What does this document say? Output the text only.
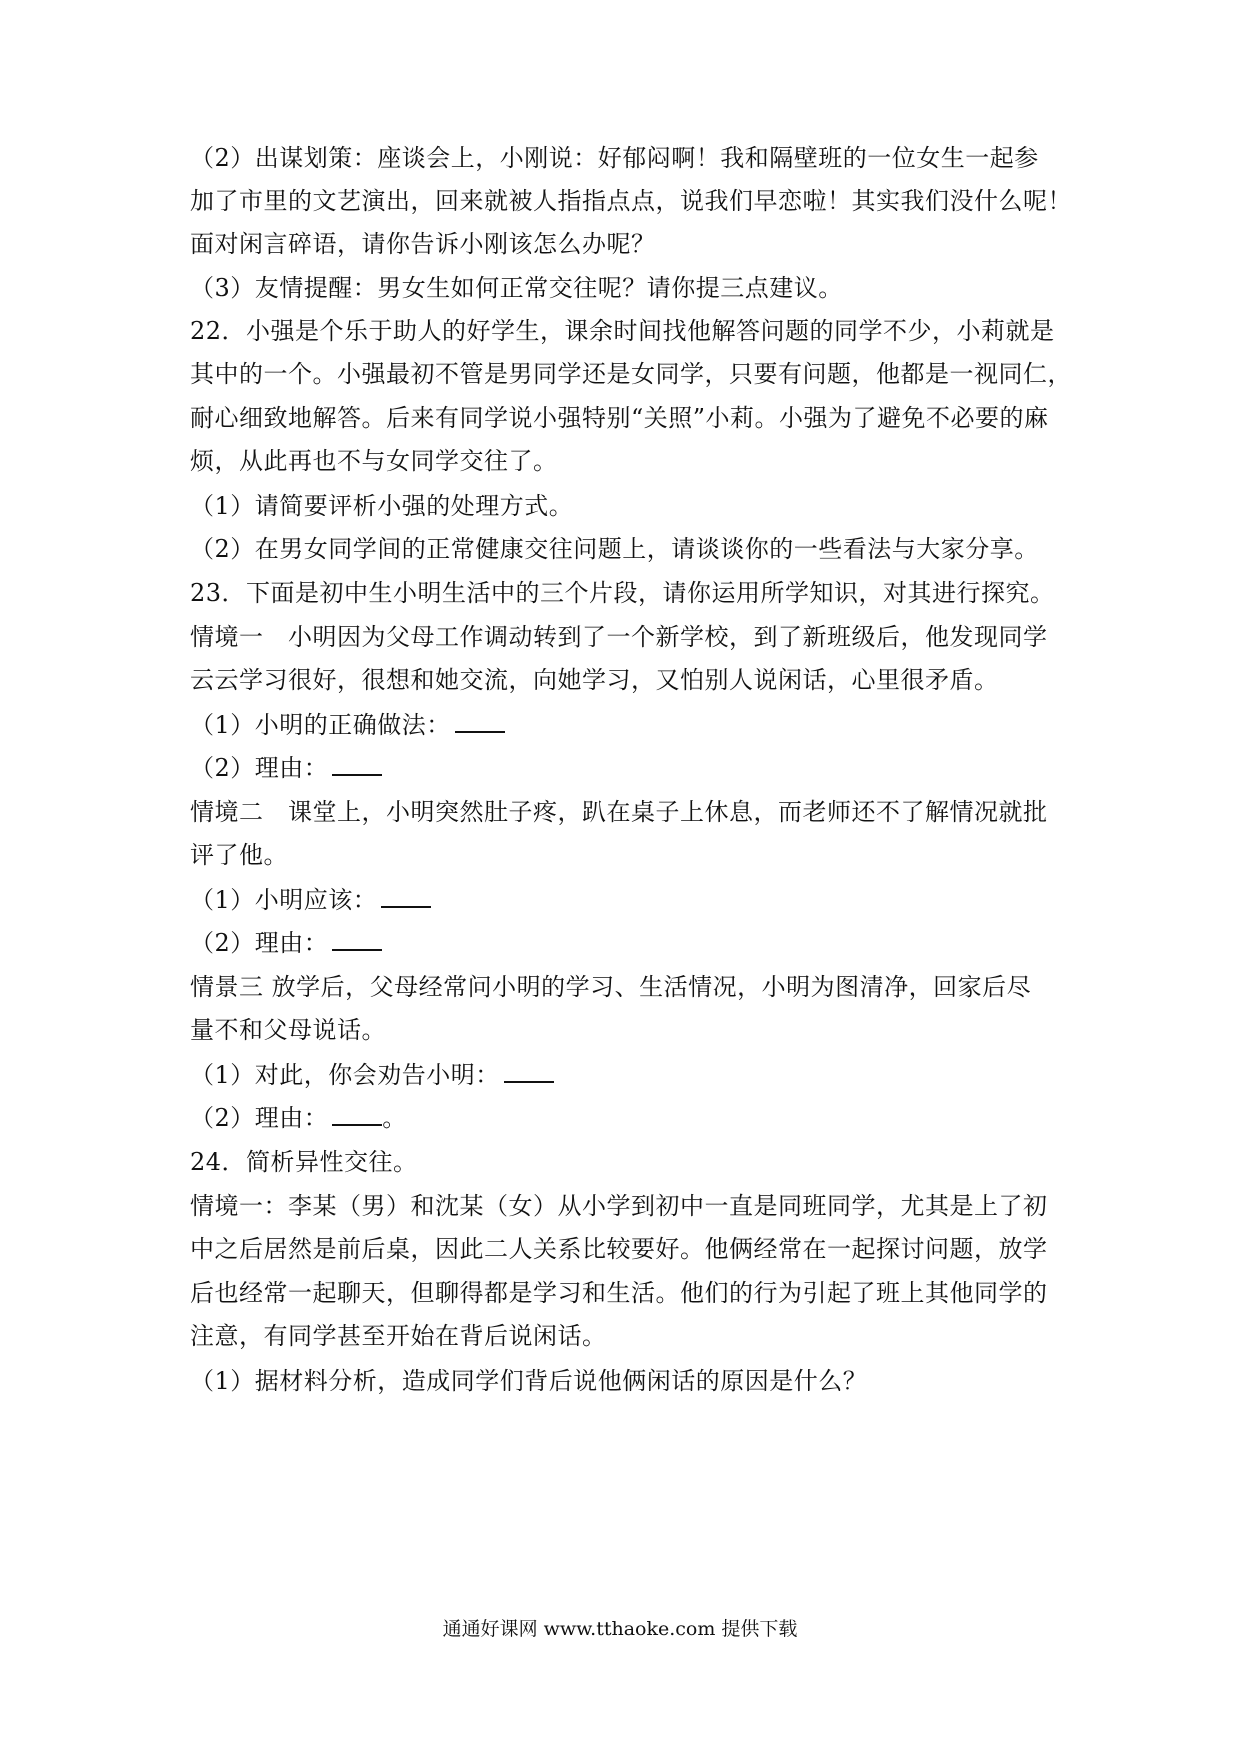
（2）出谋划策：座谈会上，小刚说：好郁闷啊！我和隔壁班的一位女生一起参
加了市里的文艺演出，回来就被人指指点点，说我们早恋啦！其实我们没什么呢！
面对闲言碎语，请你告诉小刚该怎么办呢？
（3）友情提醒：男女生如何正常交往呢？请你提三点建议。
22．小强是个乐于助人的好学生，课余时间找他解答问题的同学不少，小莉就是
其中的一个。小强最初不管是男同学还是女同学，只要有问题，他都是一视同仁，
耐心细致地解答。后来有同学说小强特别“关照”小莉。小强为了避免不必要的麻
烦，从此再也不与女同学交往了。
（1）请简要评析小强的处理方式。
（2）在男女同学间的正常健康交往问题上，请谈谈你的一些看法与大家分享。
23．下面是初中生小明生活中的三个片段，请你运用所学知识，对其进行探究。
情境一　小明因为父母工作调动转到了一个新学校，到了新班级后，他发现同学
云云学习很好，很想和她交流，向她学习，又怕别人说闲话，心里很矛盾。
（1）小明的正确做法：
（2）理由：
情境二　课堂上，小明突然肚子疼，趴在桌子上休息，而老师还不了解情况就批
评了他。
（1）小明应该：
（2）理由：
情景三 放学后，父母经常问小明的学习、生活情况，小明为图清净，回家后尽
量不和父母说话。
（1）对此，你会劝告小明：
（2）理由： 。
24．简析异性交往。
情境一：李某（男）和沈某（女）从小学到初中一直是同班同学，尤其是上了初
中之后居然是前后桌，因此二人关系比较要好。他俩经常在一起探讨问题，放学
后也经常一起聊天，但聊得都是学习和生活。他们的行为引起了班上其他同学的
注意，有同学甚至开始在背后说闲话。
（1）据材料分析，造成同学们背后说他俩闲话的原因是什么？
通通好课网 www.tthaoke.com 提供下载
